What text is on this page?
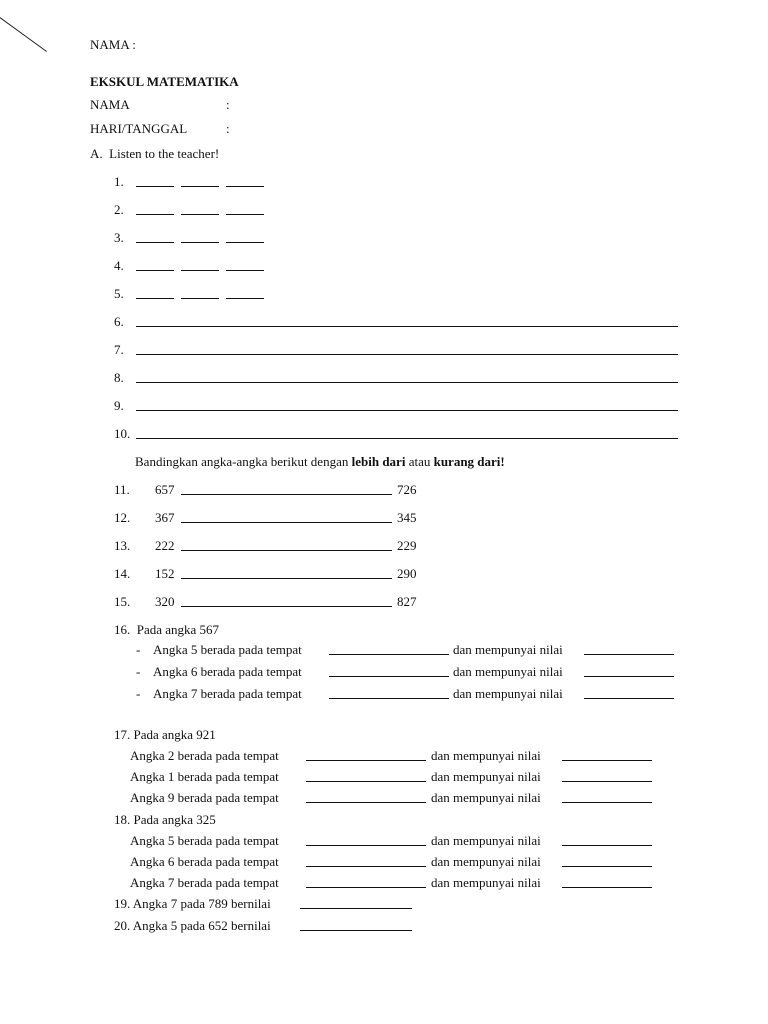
NAMA :
EKSKUL MATEMATIKA
NAMA	:
HARI/TANGGAL	:
A.  Listen to the teacher!
1.
2.
3.
4.
5.
6.
7.
8.
9.
10.
Bandingkan angka-angka berikut dengan lebih dari atau kurang dari!
11. 657	726
12. 367	345
13. 222	229
14. 152	290
15. 320	827
16.  Pada angka 567
- Angka 5 berada pada tempat	dan mempunyai nilai
- Angka 6 berada pada tempat	dan mempunyai nilai
- Angka 7 berada pada tempat	dan mempunyai nilai
17. Pada angka 921
Angka 2 berada pada tempat	dan mempunyai nilai
Angka 1 berada pada tempat	dan mempunyai nilai
Angka 9 berada pada tempat	dan mempunyai nilai
18. Pada angka 325
Angka 5 berada pada tempat	dan mempunyai nilai
Angka 6 berada pada tempat	dan mempunyai nilai
Angka 7 berada pada tempat	dan mempunyai nilai
19. Angka 7 pada 789 bernilai
20. Angka 5 pada 652 bernilai
